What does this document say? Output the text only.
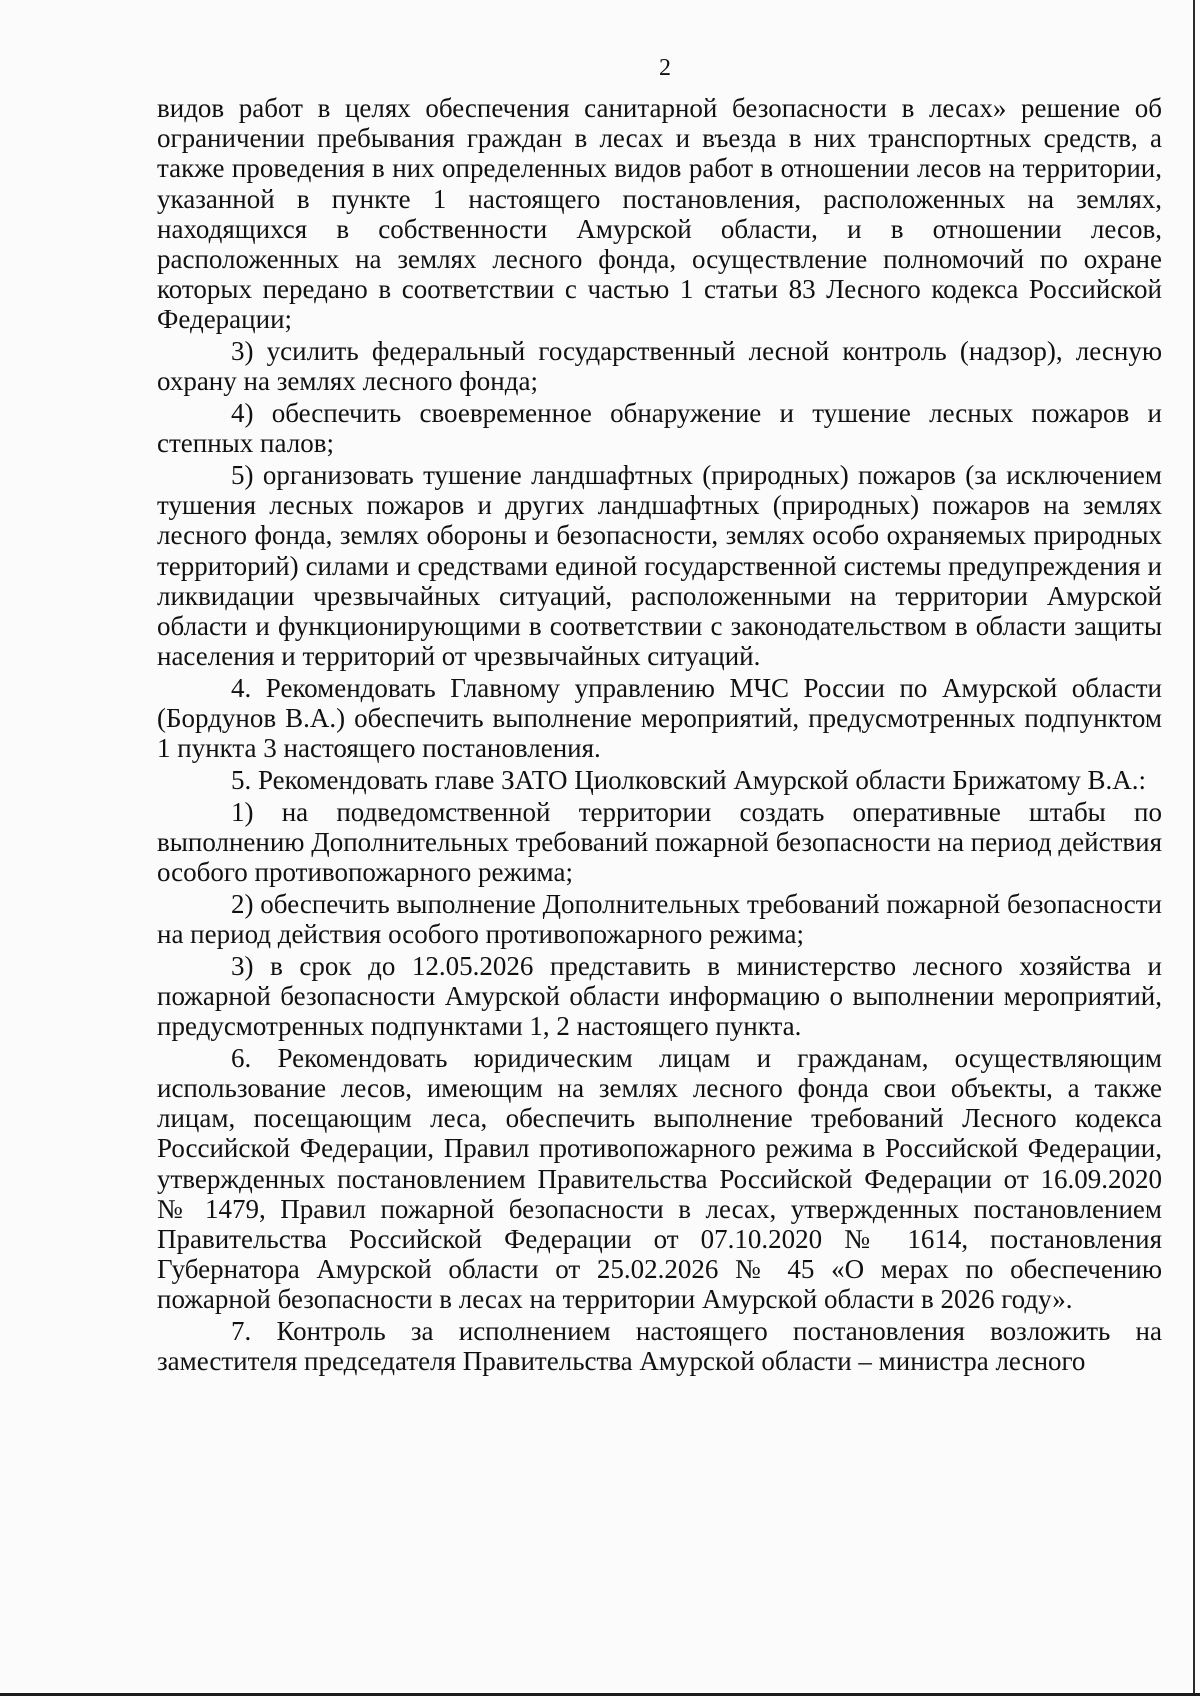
2

видов работ в целях обеспечения санитарной безопасности в лесах» решение об ограничении пребывания граждан в лесах и въезда в них транспортных средств, а также проведения в них определенных видов работ в отношении лесов на территории, указанной в пункте 1 настоящего постановления, расположенных на землях, находящихся в собственности Амурской области, и в отношении лесов, расположенных на землях лесного фонда, осуществление полномочий по охране которых передано в соответствии с частью 1 статьи 83 Лесного кодекса Российской Федерации;

3) усилить федеральный государственный лесной контроль (надзор), лесную охрану на землях лесного фонда;

4) обеспечить своевременное обнаружение и тушение лесных пожаров и степных палов;

5) организовать тушение ландшафтных (природных) пожаров (за исключением тушения лесных пожаров и других ландшафтных (природных) пожаров на землях лесного фонда, землях обороны и безопасности, землях особо охраняемых природных территорий) силами и средствами единой государственной системы предупреждения и ликвидации чрезвычайных ситуаций, расположенными на территории Амурской области и функционирующими в соответствии с законодательством в области защиты населения и территорий от чрезвычайных ситуаций.

4. Рекомендовать Главному управлению МЧС России по Амурской области (Бордунов В.А.) обеспечить выполнение мероприятий, предусмотренных подпунктом 1 пункта 3 настоящего постановления.

5. Рекомендовать главе ЗАТО Циолковский Амурской области Брижатому В.А.:

1) на подведомственной территории создать оперативные штабы по выполнению Дополнительных требований пожарной безопасности на период действия особого противопожарного режима;

2) обеспечить выполнение Дополнительных требований пожарной безопасности на период действия особого противопожарного режима;

3) в срок до 12.05.2026 представить в министерство лесного хозяйства и пожарной безопасности Амурской области информацию о выполнении мероприятий, предусмотренных подпунктами 1, 2 настоящего пункта.

6. Рекомендовать юридическим лицам и гражданам, осуществляющим использование лесов, имеющим на землях лесного фонда свои объекты, а также лицам, посещающим леса, обеспечить выполнение требований Лесного кодекса Российской Федерации, Правил противопожарного режима в Российской Федерации, утвержденных постановлением Правительства Российской Федерации от 16.09.2020 № 1479, Правил пожарной безопасности в лесах, утвержденных постановлением Правительства Российской Федерации от 07.10.2020 № 1614, постановления Губернатора Амурской области от 25.02.2026 № 45 «О мерах по обеспечению пожарной безопасности в лесах на территории Амурской области в 2026 году».

7. Контроль за исполнением настоящего постановления возложить на заместителя председателя Правительства Амурской области – министра лесного
